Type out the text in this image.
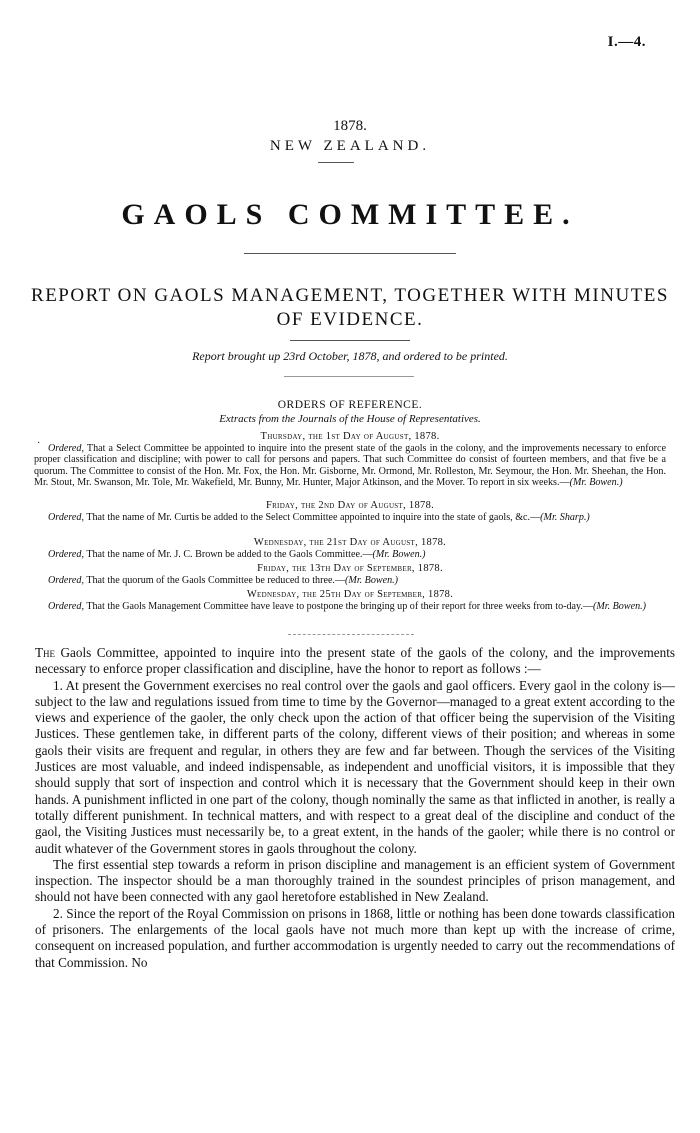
I.—4.
1878.
NEW ZEALAND.
GAOLS COMMITTEE.
REPORT ON GAOLS MANAGEMENT, TOGETHER WITH MINUTES OF EVIDENCE.
Report brought up 23rd October, 1878, and ordered to be printed.
ORDERS OF REFERENCE.
Extracts from the Journals of the House of Representatives.
·
Thursday, the 1st Day of August, 1878.
Ordered, That a Select Committee be appointed to inquire into the present state of the gaols in the colony, and the improvements necessary to enforce proper classification and discipline; with power to call for persons and papers. That such Committee do consist of fourteen members, and that five be a quorum. The Committee to consist of the Hon. Mr. Fox, the Hon. Mr. Gisborne, Mr. Ormond, Mr. Rolleston, Mr. Seymour, the Hon. Mr. Sheehan, the Hon. Mr. Stout, Mr. Swanson, Mr. Tole, Mr. Wakefield, Mr. Bunny, Mr. Hunter, Major Atkinson, and the Mover. To report in six weeks.—(Mr. Bowen.)
Friday, the 2nd Day of August, 1878.
Ordered, That the name of Mr. Curtis be added to the Select Committee appointed to inquire into the state of gaols, &c.—(Mr. Sharp.)
Wednesday, the 21st Day of August, 1878.
Ordered, That the name of Mr. J. C. Brown be added to the Gaols Committee.—(Mr. Bowen.)
Friday, the 13th Day of September, 1878.
Ordered, That the quorum of the Gaols Committee be reduced to three.—(Mr. Bowen.)
Wednesday, the 25th Day of September, 1878.
Ordered, That the Gaols Management Committee have leave to postpone the bringing up of their report for three weeks from to-day.—(Mr. Bowen.)

The Gaols Committee, appointed to inquire into the present state of the gaols of the colony, and the improvements necessary to enforce proper classification and discipline, have the honor to report as follows :—

1. At present the Government exercises no real control over the gaols and gaol officers. Every gaol in the colony is—subject to the law and regulations issued from time to time by the Governor—managed to a great extent according to the views and experience of the gaoler, the only check upon the action of that officer being the supervision of the Visiting Justices. These gentlemen take, in different parts of the colony, different views of their position; and whereas in some gaols their visits are frequent and regular, in others they are few and far between. Though the services of the Visiting Justices are most valuable, and indeed indispensable, as independent and unofficial visitors, it is impossible that they should supply that sort of inspection and control which it is necessary that the Government should keep in their own hands. A punishment inflicted in one part of the colony, though nominally the same as that inflicted in another, is really a totally different punishment. In technical matters, and with respect to a great deal of the discipline and conduct of the gaol, the Visiting Justices must necessarily be, to a great extent, in the hands of the gaoler; while there is no control or audit whatever of the Government stores in gaols throughout the colony.

The first essential step towards a reform in prison discipline and management is an efficient system of Government inspection. The inspector should be a man thoroughly trained in the soundest principles of prison management, and should not have been connected with any gaol heretofore established in New Zealand.

2. Since the report of the Royal Commission on prisons in 1868, little or nothing has been done towards classification of prisoners. The enlargements of the local gaols have not much more than kept up with the increase of crime, consequent on increased population, and further accommodation is urgently needed to carry out the recommendations of that Commission. No
